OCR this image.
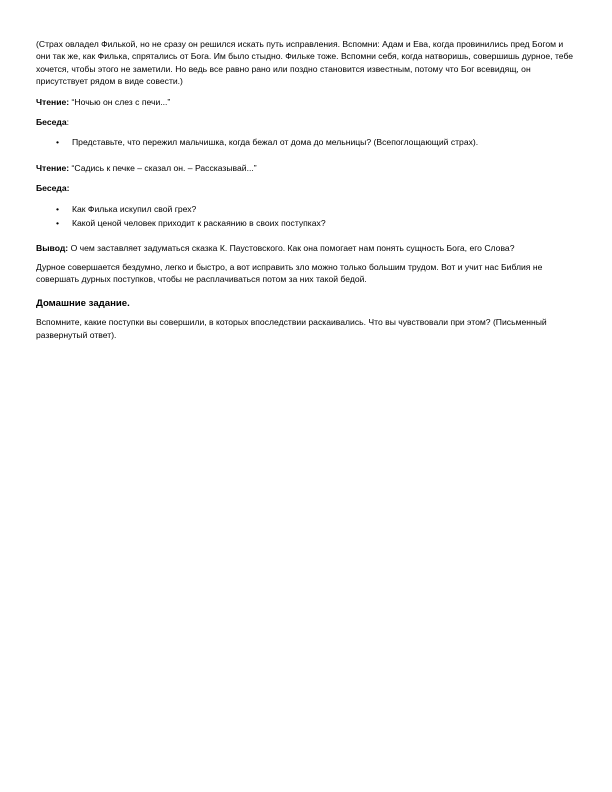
(Страх овладел Филькой, но не сразу он решился искать путь исправления. Вспомни: Адам и Ева, когда провинились пред Богом и они так же, как Филька, спрятались от Бога. Им было стыдно. Фильке тоже. Вспомни себя, когда натворишь, совершишь дурное, тебе хочется, чтобы этого не заметили. Но ведь все равно рано или поздно становится известным, потому что Бог всевидящ, он присутствует рядом в виде совести.)

Чтение: “Ночью он слез с печи...”

Беседа:

• Представьте, что пережил мальчишка, когда бежал от дома до мельницы? (Всепоглощающий страх).

Чтение: “Садись к печке – сказал он. – Рассказывай...”

Беседа:

• Как Филька искупил свой грех?
• Какой ценой человек приходит к раскаянию в своих поступках?

Вывод: О чем заставляет задуматься сказка К. Паустовского. Как она помогает нам понять сущность Бога, его Слова?

Дурное совершается бездумно, легко и быстро, а вот исправить зло можно только большим трудом. Вот и учит нас Библия не совершать дурных поступков, чтобы не расплачиваться потом за них такой бедой.

Домашние задание.

Вспомните, какие поступки вы совершили, в которых впоследствии раскаивались. Что вы чувствовали при этом? (Письменный развернутый ответ).
